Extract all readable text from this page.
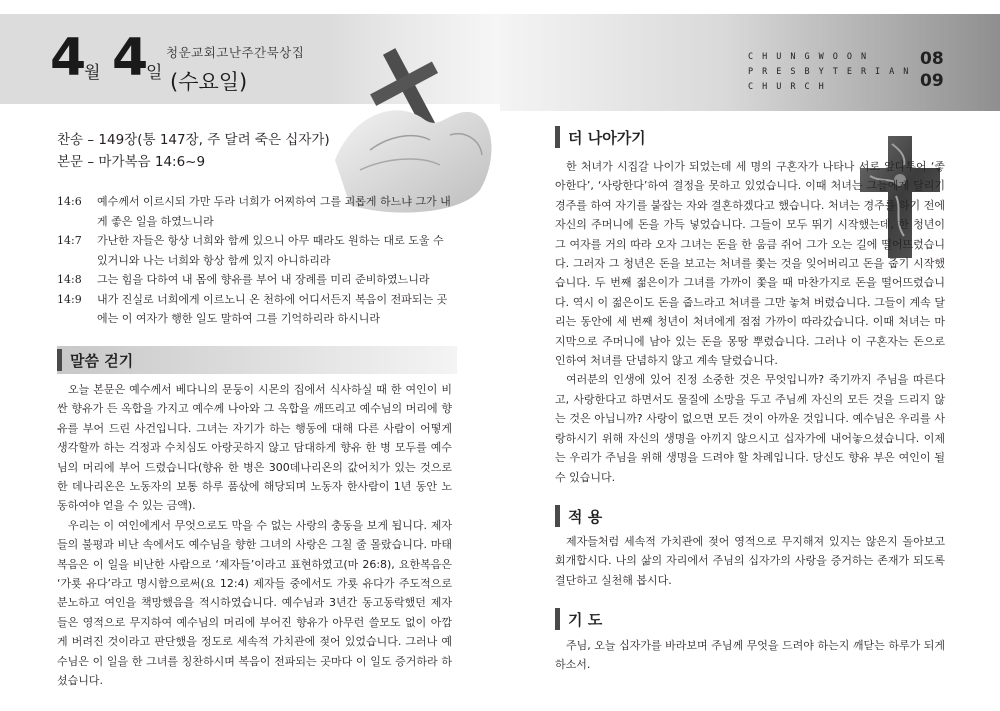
4 월 4 일
청운교회고난주간묵상집
(수요일)
CHUNGWOON
PRESBYTERIAN
CHURCH
08
09
찬송 – 149장(통 147장, 주 달려 죽은 십자가)
본문 – 마가복음 14:6~9
14:6	예수께서 이르시되 가만 두라 너희가 어찌하여 그를 괴롭게 하느냐 그가 내게 좋은 일을 하였느니라
14:7	가난한 자들은 항상 너희와 함께 있으니 아무 때라도 원하는 대로 도울 수 있거니와 나는 너희와 항상 함께 있지 아니하리라
14:8	그는 힘을 다하여 내 몸에 향유를 부어 내 장례를 미리 준비하였느니라
14:9	내가 진실로 너희에게 이르노니 온 천하에 어디서든지 복음이 전파되는 곳에는 이 여자가 행한 일도 말하여 그를 기억하리라 하시니라
말씀 걷기

오늘 본문은 예수께서 베다니의 문둥이 시몬의 집에서 식사하실 때 한 여인이 비싼 향유가 든 옥합을 가지고 예수께 나아와 그 옥합을 깨뜨리고 예수님의 머리에 향유를 부어 드린 사건입니다. 그녀는 자기가 하는 행동에 대해 다른 사람이 어떻게 생각할까 하는 걱정과 수치심도 아랑곳하지 않고 담대하게 향유 한 병 모두를 예수님의 머리에 부어 드렸습니다(향유 한 병은 300데나리온의 값어치가 있는 것으로 한 데나리온은 노동자의 보통 하루 품삯에 해당되며 노동자 한사람이 1년 동안 노동하여야 얻을 수 있는 금액).

우리는 이 여인에게서 무엇으로도 막을 수 없는 사랑의 충동을 보게 됩니다. 제자들의 불평과 비난 속에서도 예수님을 향한 그녀의 사랑은 그칠 줄 몰랐습니다. 마태복음은 이 일을 비난한 사람으로 ‘제자들’이라고 표현하였고(마 26:8), 요한복음은 ‘가룟 유다’라고 명시함으로써(요 12:4) 제자들 중에서도 가룟 유다가 주도적으로 분노하고 여인을 책망했음을 적시하였습니다. 예수님과 3년간 동고동락했던 제자들은 영적으로 무지하여 예수님의 머리에 부어진 향유가 아무런 쓸모도 없이 아깝게 버려진 것이라고 판단했을 정도로 세속적 가치관에 젖어 있었습니다. 그러나 예수님은 이 일을 한 그녀를 칭찬하시며 복음이 전파되는 곳마다 이 일도 증거하라 하셨습니다.

더 나아가기

한 처녀가 시집갈 나이가 되었는데 세 명의 구혼자가 나타나 서로 앞다투어 ‘좋아한다’, ‘사랑한다’하여 결정을 못하고 있었습니다. 이때 처녀는 그들에게 달리기 경주를 하여 자기를 붙잡는 자와 결혼하겠다고 했습니다. 처녀는 경주를 하기 전에 자신의 주머니에 돈을 가득 넣었습니다. 그들이 모두 뛰기 시작했는데, 한 청년이 그 여자를 거의 따라 오자 그녀는 돈을 한 움큼 쥐어 그가 오는 길에 떨어뜨렸습니다. 그러자 그 청년은 돈을 보고는 처녀를 쫓는 것을 잊어버리고 돈을 줍기 시작했습니다. 두 번째 젊은이가 그녀를 가까이 쫓을 때 마찬가지로 돈을 떨어뜨렸습니다. 역시 이 젊은이도 돈을 줍느라고 처녀를 그만 놓쳐 버렸습니다. 그들이 계속 달리는 동안에 세 번째 청년이 처녀에게 점점 가까이 따라갔습니다. 이때 처녀는 마지막으로 주머니에 남아 있는 돈을 몽땅 뿌렸습니다. 그러나 이 구혼자는 돈으로 인하여 처녀를 단념하지 않고 계속 달렸습니다.

여러분의 인생에 있어 진정 소중한 것은 무엇입니까? 죽기까지 주님을 따른다고, 사랑한다고 하면서도 물질에 소망을 두고 주님께 자신의 모든 것을 드리지 않는 것은 아닙니까? 사랑이 없으면 모든 것이 아까운 것입니다. 예수님은 우리를 사랑하시기 위해 자신의 생명을 아끼지 않으시고 십자가에 내어놓으셨습니다. 이제는 우리가 주님을 위해 생명을 드려야 할 차례입니다. 당신도 향유 부은 여인이 될 수 있습니다.

적 용

제자들처럼 세속적 가치관에 젖어 영적으로 무지해져 있지는 않은지 돌아보고 회개합시다. 나의 삶의 자리에서 주님의 십자가의 사랑을 증거하는 존재가 되도록 결단하고 실천해 봅시다.

기 도

주님, 오늘 십자가를 바라보며 주님께 무엇을 드려야 하는지 깨닫는 하루가 되게 하소서.
